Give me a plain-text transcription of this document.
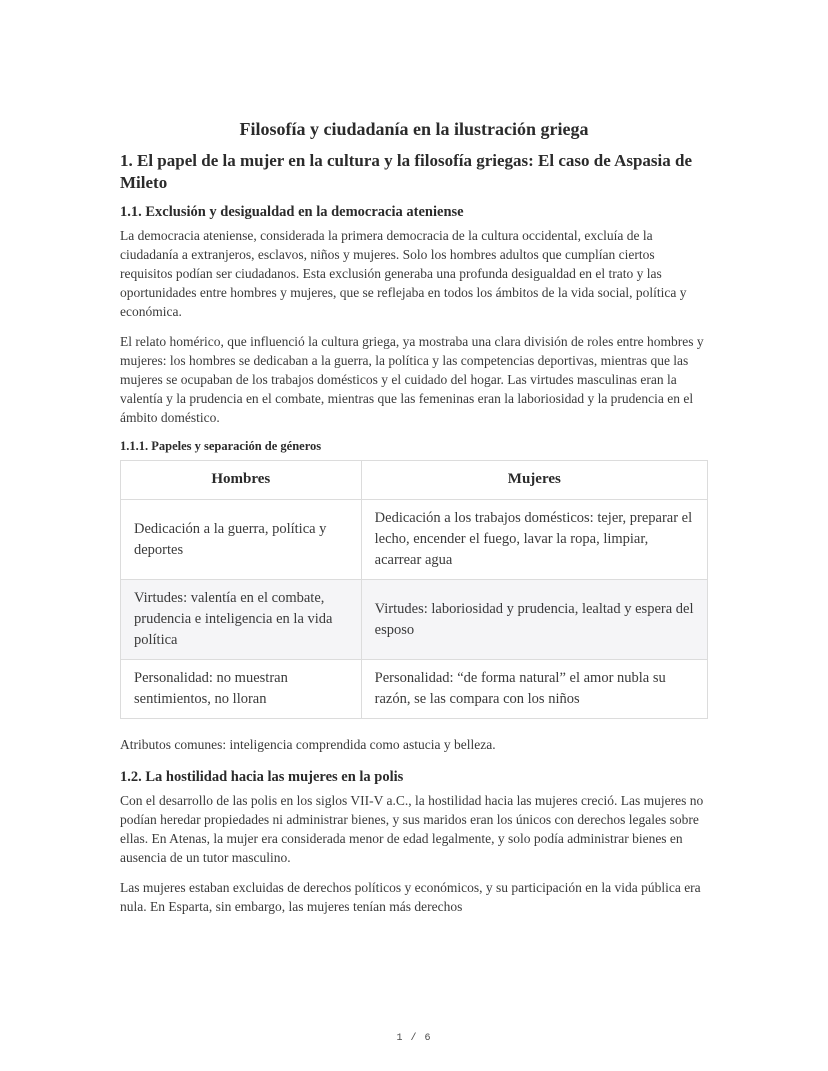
Filosofía y ciudadanía en la ilustración griega
1. El papel de la mujer en la cultura y la filosofía griegas: El caso de Aspasia de Mileto
1.1. Exclusión y desigualdad en la democracia ateniense

La democracia ateniense, considerada la primera democracia de la cultura occidental, excluía de la ciudadanía a extranjeros, esclavos, niños y mujeres. Solo los hombres adultos que cumplían ciertos requisitos podían ser ciudadanos. Esta exclusión generaba una profunda desigualdad en el trato y las oportunidades entre hombres y mujeres, que se reflejaba en todos los ámbitos de la vida social, política y económica.

El relato homérico, que influenció la cultura griega, ya mostraba una clara división de roles entre hombres y mujeres: los hombres se dedicaban a la guerra, la política y las competencias deportivas, mientras que las mujeres se ocupaban de los trabajos domésticos y el cuidado del hogar. Las virtudes masculinas eran la valentía y la prudencia en el combate, mientras que las femeninas eran la laboriosidad y la prudencia en el ámbito doméstico.

1.1.1. Papeles y separación de géneros
Hombres	Mujeres
Dedicación a la guerra, política y deportes	Dedicación a los trabajos domésticos: tejer, preparar el lecho, encender el fuego, lavar la ropa, limpiar, acarrear agua
Virtudes: valentía en el combate, prudencia e inteligencia en la vida política	Virtudes: laboriosidad y prudencia, lealtad y espera del esposo
Personalidad: no muestran sentimientos, no lloran	Personalidad: “de forma natural” el amor nubla su razón, se las compara con los niños

Atributos comunes: inteligencia comprendida como astucia y belleza.

1.2. La hostilidad hacia las mujeres en la polis

Con el desarrollo de las polis en los siglos VII-V a.C., la hostilidad hacia las mujeres creció. Las mujeres no podían heredar propiedades ni administrar bienes, y sus maridos eran los únicos con derechos legales sobre ellas. En Atenas, la mujer era considerada menor de edad legalmente, y solo podía administrar bienes en ausencia de un tutor masculino.

Las mujeres estaban excluidas de derechos políticos y económicos, y su participación en la vida pública era nula. En Esparta, sin embargo, las mujeres tenían más derechos

1 / 6
